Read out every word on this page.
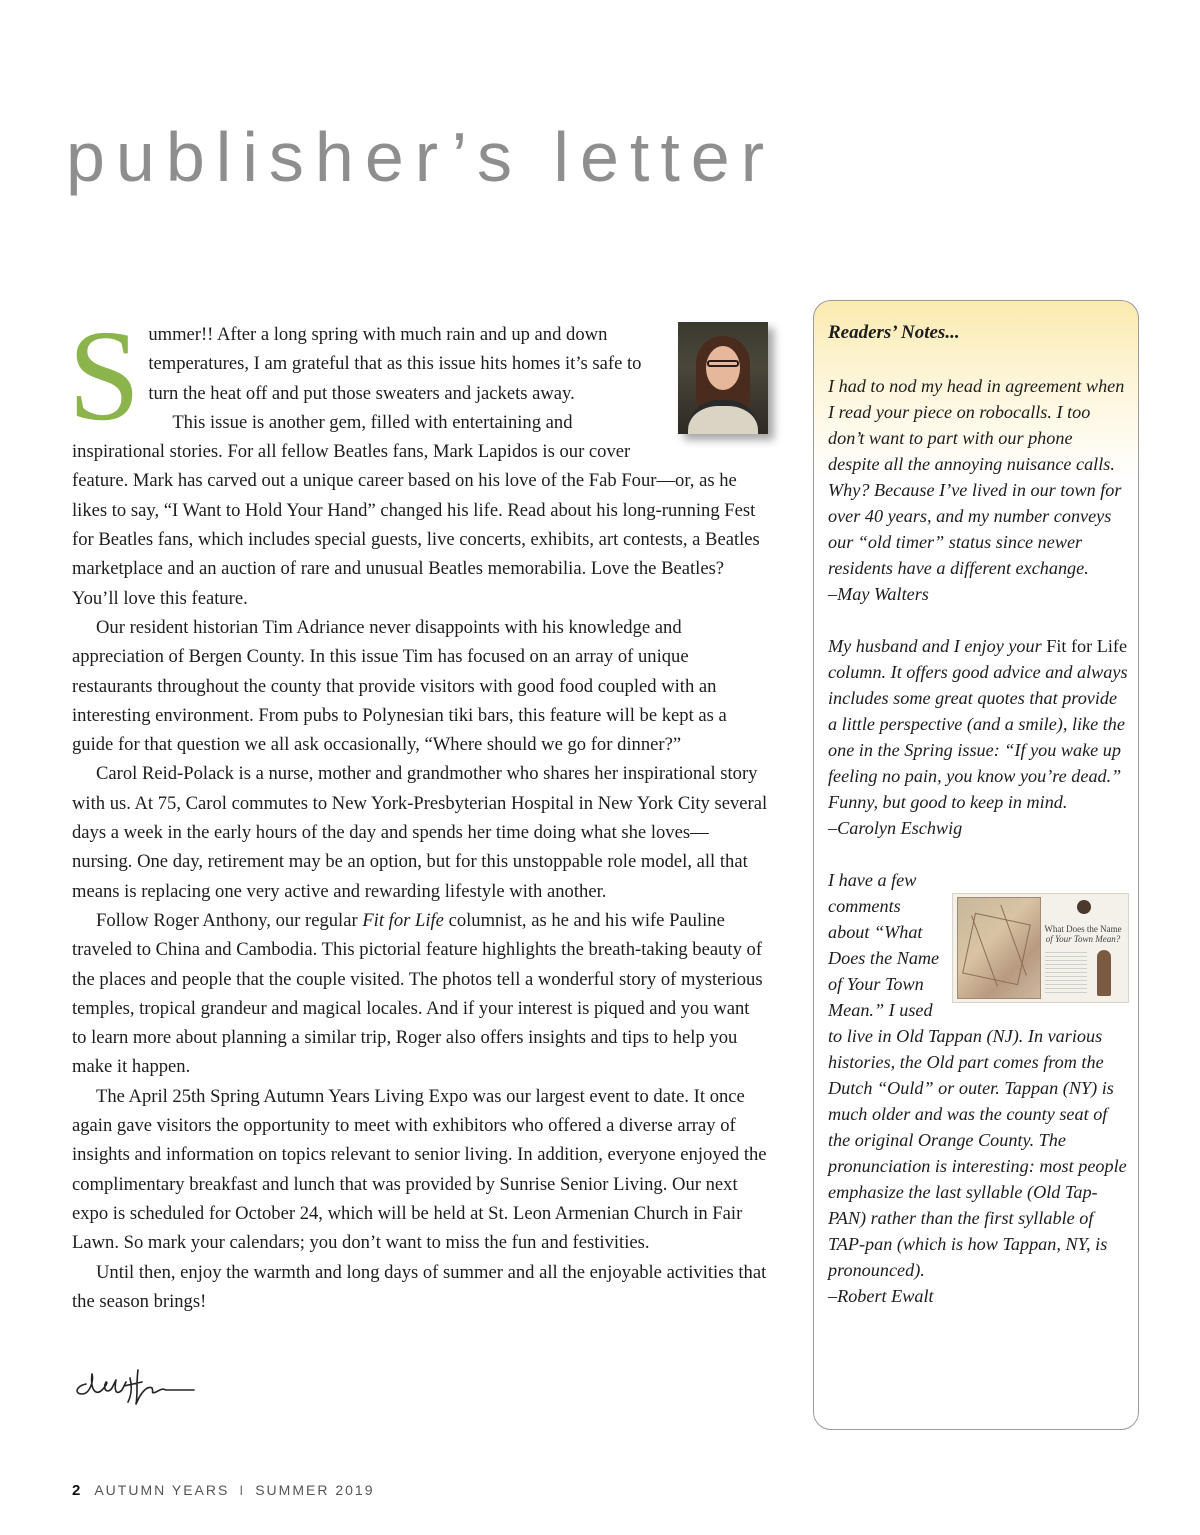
publisher’s letter

Summer!! After a long spring with much rain and up and down temperatures, I am grateful that as this issue hits homes it’s safe to turn the heat off and put those sweaters and jackets away.
This issue is another gem, filled with entertaining and inspirational stories. For all fellow Beatles fans, Mark Lapidos is our cover feature. Mark has carved out a unique career based on his love of the Fab Four—or, as he likes to say, “I Want to Hold Your Hand” changed his life. Read about his long-running Fest for Beatles fans, which includes special guests, live concerts, exhibits, art contests, a Beatles marketplace and an auction of rare and unusual Beatles memorabilia. Love the Beatles? You’ll love this feature.

Our resident historian Tim Adriance never disappoints with his knowledge and appreciation of Bergen County. In this issue Tim has focused on an array of unique restaurants throughout the county that provide visitors with good food coupled with an interesting environment. From pubs to Polynesian tiki bars, this feature will be kept as a guide for that question we all ask occasionally, “Where should we go for dinner?”

Carol Reid-Polack is a nurse, mother and grandmother who shares her inspirational story with us. At 75, Carol commutes to New York-Presbyterian Hospital in New York City several days a week in the early hours of the day and spends her time doing what she loves—nursing. One day, retirement may be an option, but for this unstoppable role model, all that means is replacing one very active and rewarding lifestyle with another.

Follow Roger Anthony, our regular Fit for Life columnist, as he and his wife Pauline traveled to China and Cambodia. This pictorial feature highlights the breath-taking beauty of the places and people that the couple visited. The photos tell a wonderful story of mysterious temples, tropical grandeur and magical locales. And if your interest is piqued and you want to learn more about planning a similar trip, Roger also offers insights and tips to help you make it happen.

The April 25th Spring Autumn Years Living Expo was our largest event to date. It once again gave visitors the opportunity to meet with exhibitors who offered a diverse array of insights and information on topics relevant to senior living. In addition, everyone enjoyed the complimentary breakfast and lunch that was provided by Sunrise Senior Living. Our next expo is scheduled for October 24, which will be held at St. Leon Armenian Church in Fair Lawn. So mark your calendars; you don’t want to miss the fun and festivities.

Until then, enjoy the warmth and long days of summer and all the enjoyable activities that the season brings!

2 AUTUMN YEARS I SUMMER 2019
Readers’ Notes...

I had to nod my head in agreement when I read your piece on robocalls. I too don’t want to part with our phone despite all the annoying nuisance calls. Why? Because I’ve lived in our town for over 40 years, and my number conveys our “old timer” status since newer residents have a different exchange.

–May Walters

My husband and I enjoy your Fit for Life column. It offers good advice and always includes some great quotes that provide a little perspective (and a smile), like the one in the Spring issue: “If you wake up feeling no pain, you know you’re dead.” Funny, but good to keep in mind.

–Carolyn Eschwig

What Does the Name
of Your Town Mean?
I have a few comments about “What Does the Name of Your Town Mean.” I used to live in Old Tappan (NJ). In various histories, the Old part comes from the Dutch “Ould” or outer. Tappan (NY) is much older and was the county seat of the original Orange County. The pronunciation is interesting: most people emphasize the last syllable (Old Tap-PAN) rather than the first syllable of TAP-pan (which is how Tappan, NY, is pronounced).

–Robert Ewalt
